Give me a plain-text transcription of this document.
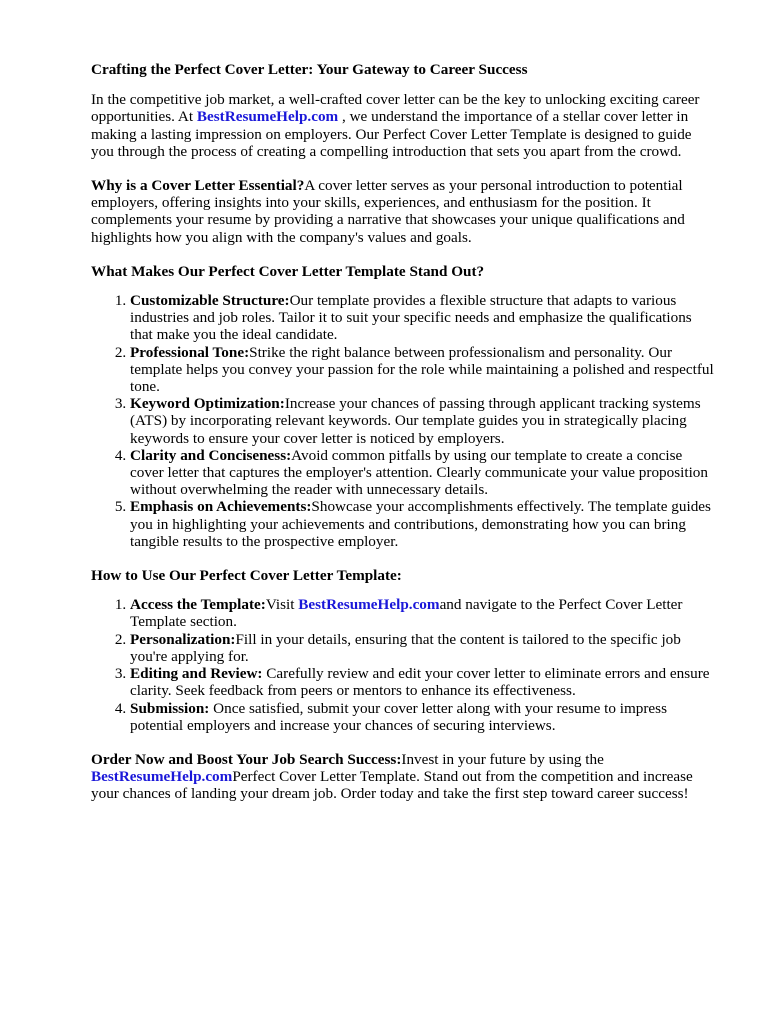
Crafting the Perfect Cover Letter: Your Gateway to Career Success

In the competitive job market, a well-crafted cover letter can be the key to unlocking exciting career opportunities. At BestResumeHelp.com , we understand the importance of a stellar cover letter in making a lasting impression on employers. Our Perfect Cover Letter Template is designed to guide you through the process of creating a compelling introduction that sets you apart from the crowd.

Why is a Cover Letter Essential?A cover letter serves as your personal introduction to potential employers, offering insights into your skills, experiences, and enthusiasm for the position. It complements your resume by providing a narrative that showcases your unique qualifications and highlights how you align with the company's values and goals.

What Makes Our Perfect Cover Letter Template Stand Out?
1. Customizable Structure:Our template provides a flexible structure that adapts to various industries and job roles. Tailor it to suit your specific needs and emphasize the qualifications that make you the ideal candidate.
2. Professional Tone:Strike the right balance between professionalism and personality. Our template helps you convey your passion for the role while maintaining a polished and respectful tone.
3. Keyword Optimization:Increase your chances of passing through applicant tracking systems (ATS) by incorporating relevant keywords. Our template guides you in strategically placing keywords to ensure your cover letter is noticed by employers.
4. Clarity and Conciseness:Avoid common pitfalls by using our template to create a concise cover letter that captures the employer's attention. Clearly communicate your value proposition without overwhelming the reader with unnecessary details.
5. Emphasis on Achievements:Showcase your accomplishments effectively. The template guides you in highlighting your achievements and contributions, demonstrating how you can bring tangible results to the prospective employer.
How to Use Our Perfect Cover Letter Template:
1. Access the Template:Visit BestResumeHelp.comand navigate to the Perfect Cover Letter Template section.
2. Personalization:Fill in your details, ensuring that the content is tailored to the specific job you're applying for.
3. Editing and Review: Carefully review and edit your cover letter to eliminate errors and ensure clarity. Seek feedback from peers or mentors to enhance its effectiveness.
4. Submission: Once satisfied, submit your cover letter along with your resume to impress potential employers and increase your chances of securing interviews.

Order Now and Boost Your Job Search Success:Invest in your future by using the BestResumeHelp.comPerfect Cover Letter Template. Stand out from the competition and increase your chances of landing your dream job. Order today and take the first step toward career success!
